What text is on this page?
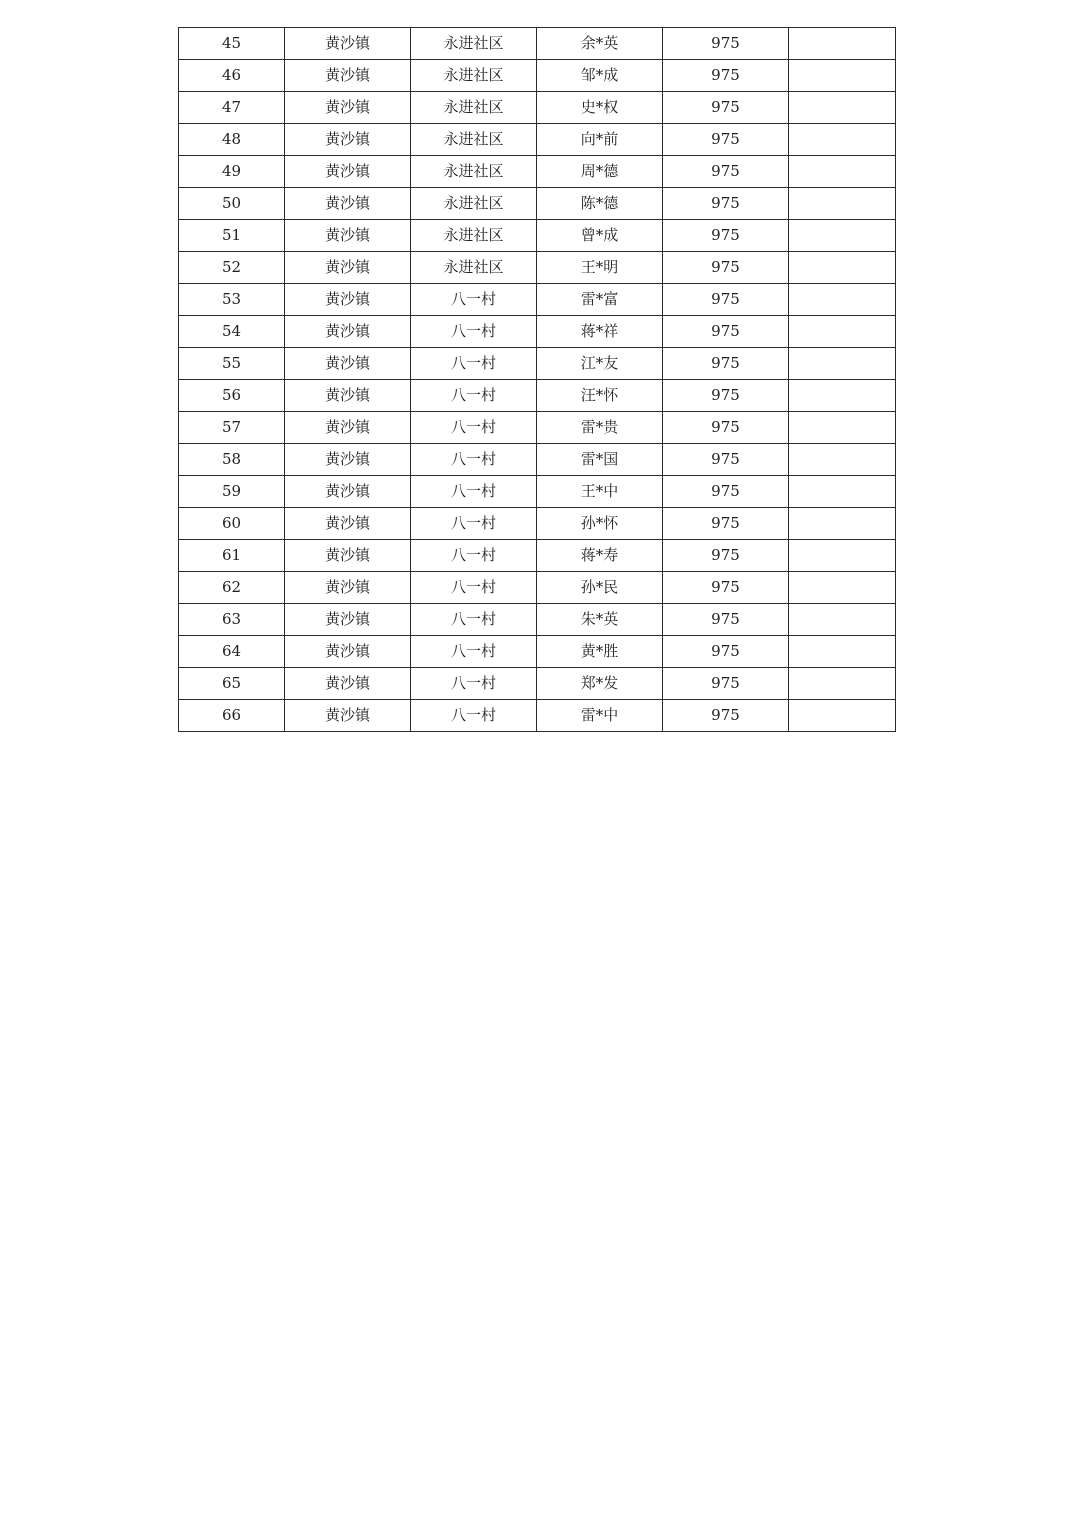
45	黄沙镇	永进社区	余*英	975	
46	黄沙镇	永进社区	邹*成	975	
47	黄沙镇	永进社区	史*权	975	
48	黄沙镇	永进社区	向*前	975	
49	黄沙镇	永进社区	周*德	975	
50	黄沙镇	永进社区	陈*德	975	
51	黄沙镇	永进社区	曾*成	975	
52	黄沙镇	永进社区	王*明	975	
53	黄沙镇	八一村	雷*富	975	
54	黄沙镇	八一村	蒋*祥	975	
55	黄沙镇	八一村	江*友	975	
56	黄沙镇	八一村	汪*怀	975	
57	黄沙镇	八一村	雷*贵	975	
58	黄沙镇	八一村	雷*国	975	
59	黄沙镇	八一村	王*中	975	
60	黄沙镇	八一村	孙*怀	975	
61	黄沙镇	八一村	蒋*寿	975	
62	黄沙镇	八一村	孙*民	975	
63	黄沙镇	八一村	朱*英	975	
64	黄沙镇	八一村	黄*胜	975	
65	黄沙镇	八一村	郑*发	975	
66	黄沙镇	八一村	雷*中	975	
